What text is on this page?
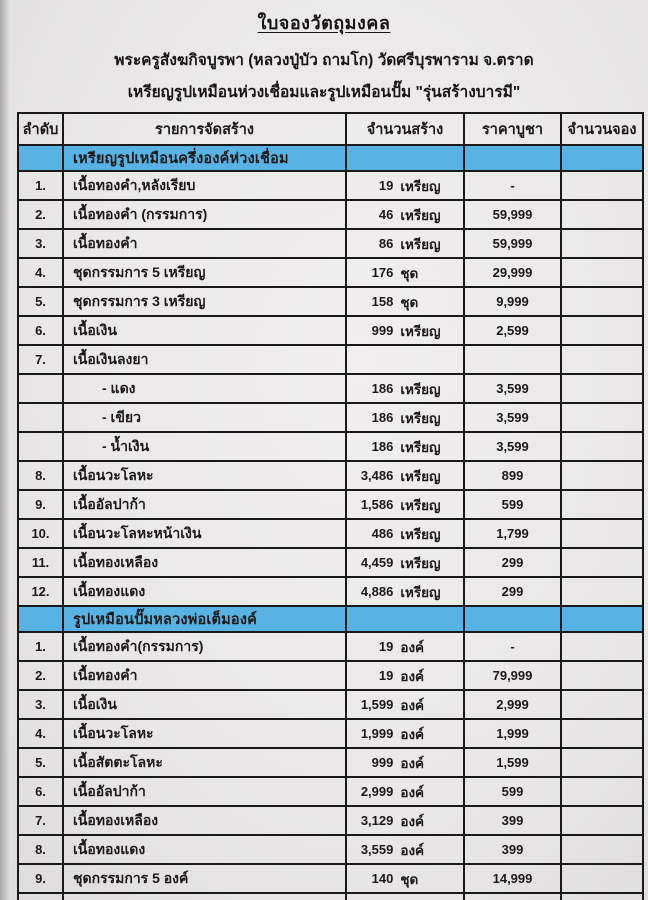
ใบจองวัตถุมงคล
พระครูสังฆกิจบูรพา (หลวงปู่บัว ถามโก) วัดศรีบุรพาราม จ.ตราด
เหรียญรูปเหมือนห่วงเชื่อมและรูปเหมือนปั๊ม "รุ่นสร้างบารมี"
ลำดับ	รายการจัดสร้าง	จำนวนสร้าง	ราคาบูชา	จำนวนจอง
	เหรียญรูปเหมือนครึ่งองค์ห่วงเชื่อม			
1.	เนื้อทองคำ,หลังเรียบ	19 เหรียญ	-	
2.	เนื้อทองคำ (กรรมการ)	46 เหรียญ	59,999	
3.	เนื้อทองคำ	86 เหรียญ	59,999	
4.	ชุดกรรมการ 5 เหรียญ	176 ชุด	29,999	
5.	ชุดกรรมการ 3 เหรียญ	158 ชุด	9,999	
6.	เนื้อเงิน	999 เหรียญ	2,599	
7.	เนื้อเงินลงยา			
	- แดง	186 เหรียญ	3,599	
	- เขียว	186 เหรียญ	3,599	
	- น้ำเงิน	186 เหรียญ	3,599	
8.	เนื้อนวะโลหะ	3,486 เหรียญ	899	
9.	เนื้ออัลปาก้า	1,586 เหรียญ	599	
10.	เนื้อนวะโลหะหน้าเงิน	486 เหรียญ	1,799	
11.	เนื้อทองเหลือง	4,459 เหรียญ	299	
12.	เนื้อทองแดง	4,886 เหรียญ	299	
	รูปเหมือนปั๊มหลวงพ่อเต็มองค์			
1.	เนื้อทองคำ(กรรมการ)	19 องค์	-	
2.	เนื้อทองคำ	19 องค์	79,999	
3.	เนื้อเงิน	1,599 องค์	2,999	
4.	เนื้อนวะโลหะ	1,999 องค์	1,999	
5.	เนื้อสัตตะโลหะ	999 องค์	1,599	
6.	เนื้ออัลปาก้า	2,999 องค์	599	
7.	เนื้อทองเหลือง	3,129 องค์	399	
8.	เนื้อทองแดง	3,559 องค์	399	
9.	ชุดกรรมการ 5 องค์	140 ชุด	14,999	
